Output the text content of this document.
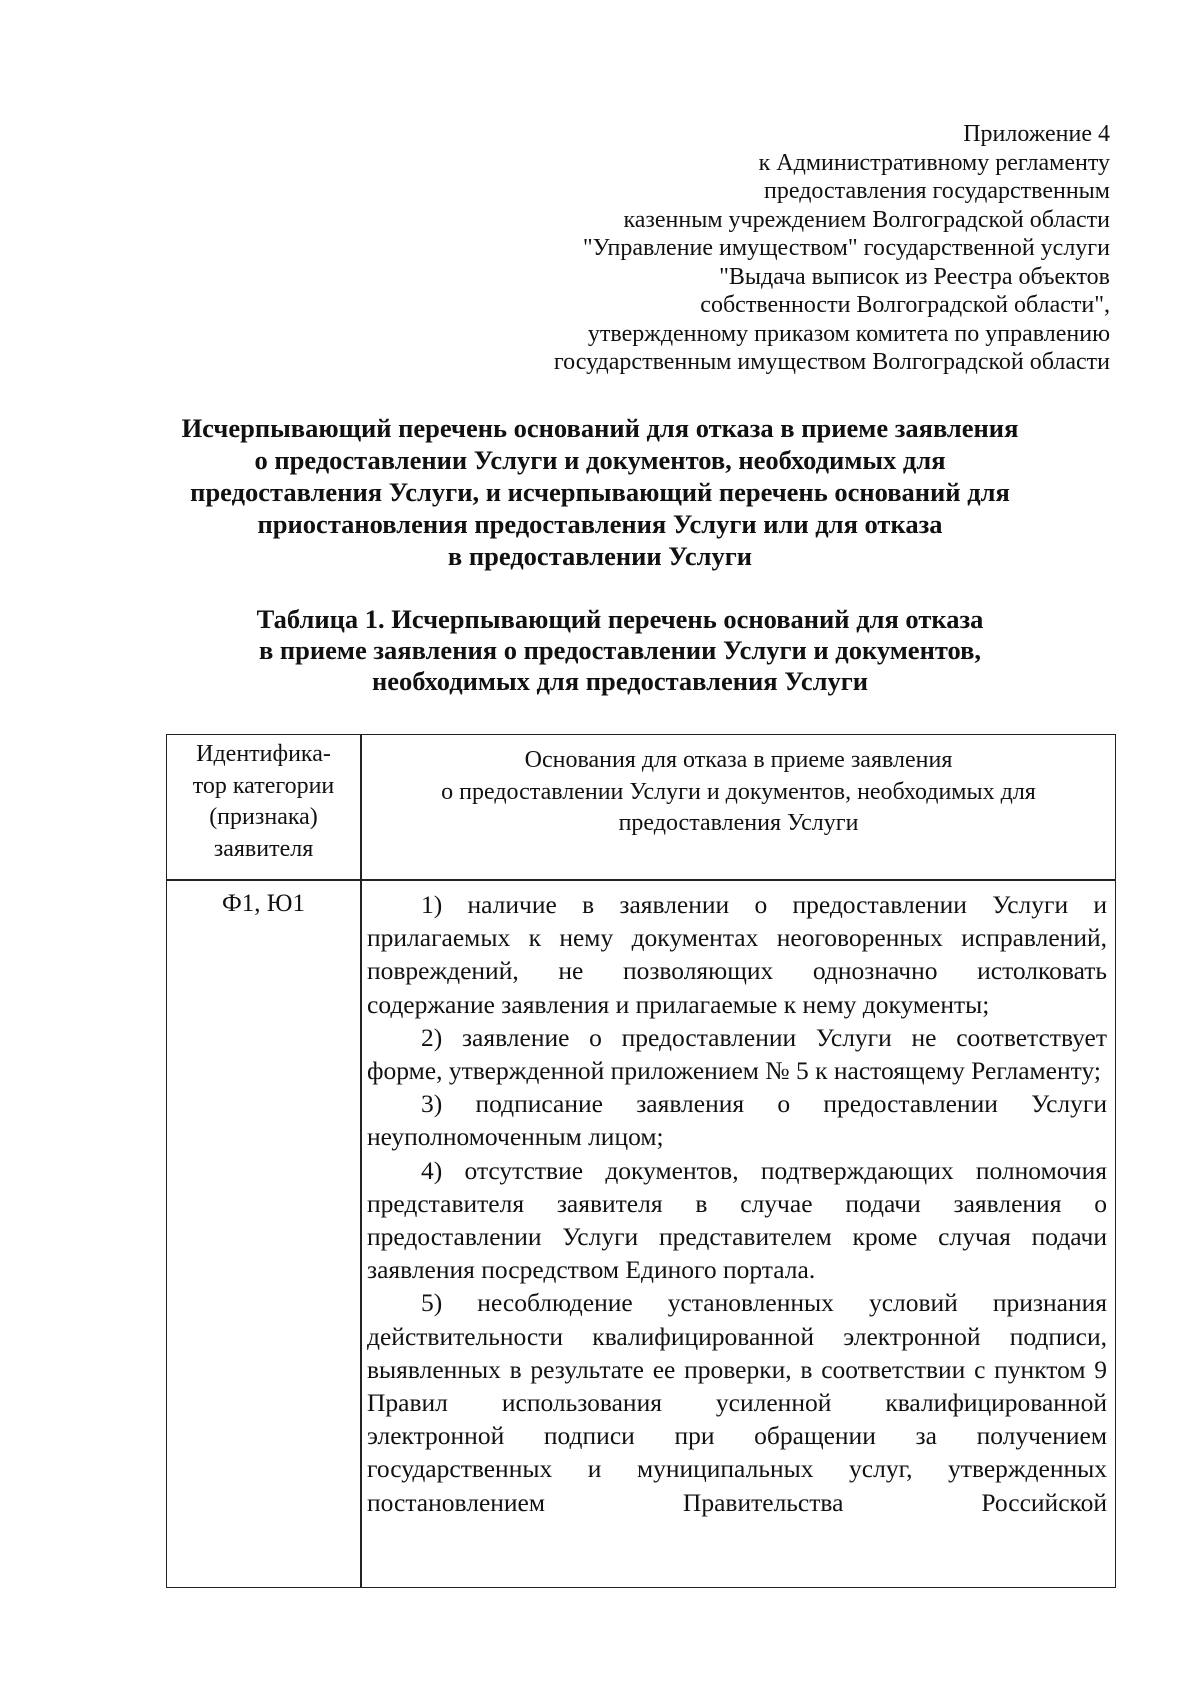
Приложение 4
к Административному регламенту
предоставления государственным
казенным учреждением Волгоградской области
"Управление имуществом" государственной услуги
"Выдача выписок из Реестра объектов
собственности Волгоградской области",
утвержденному приказом комитета по управлению
государственным имуществом Волгоградской области
Исчерпывающий перечень оснований для отказа в приеме заявления
о предоставлении Услуги и документов, необходимых для
предоставления Услуги, и исчерпывающий перечень оснований для
приостановления предоставления Услуги или для отказа
в предоставлении Услуги
Таблица 1. Исчерпывающий перечень оснований для отказа
в приеме заявления о предоставлении Услуги и документов,
необходимых для предоставления Услуги
Идентифика-
тор категории
(признака)
заявителя
Основания для отказа в приеме заявления
о предоставлении Услуги и документов, необходимых для
предоставления Услуги
Ф1, Ю1	1) наличие в заявлении о предоставлении Услуги и прилагаемых к нему документах неоговоренных исправлений, повреждений, не позволяющих однозначно истолковать содержание заявления и прилагаемые к нему документы;

2) заявление о предоставлении Услуги не соответствует форме, утвержденной приложением № 5 к настоящему Регламенту;

3) подписание заявления о предоставлении Услуги неуполномоченным лицом;

4) отсутствие документов, подтверждающих полномочия представителя заявителя в случае подачи заявления о предоставлении Услуги представителем кроме случая подачи заявления посредством Единого портала.

5) несоблюдение установленных условий признания действительности квалифицированной электронной подписи, выявленных в результате ее проверки, в соответствии с пунктом 9 Правил использования усиленной квалифицированной электронной подписи при обращении за получением государственных и муниципальных услуг, утвержденных постановлением Правительства Российской
